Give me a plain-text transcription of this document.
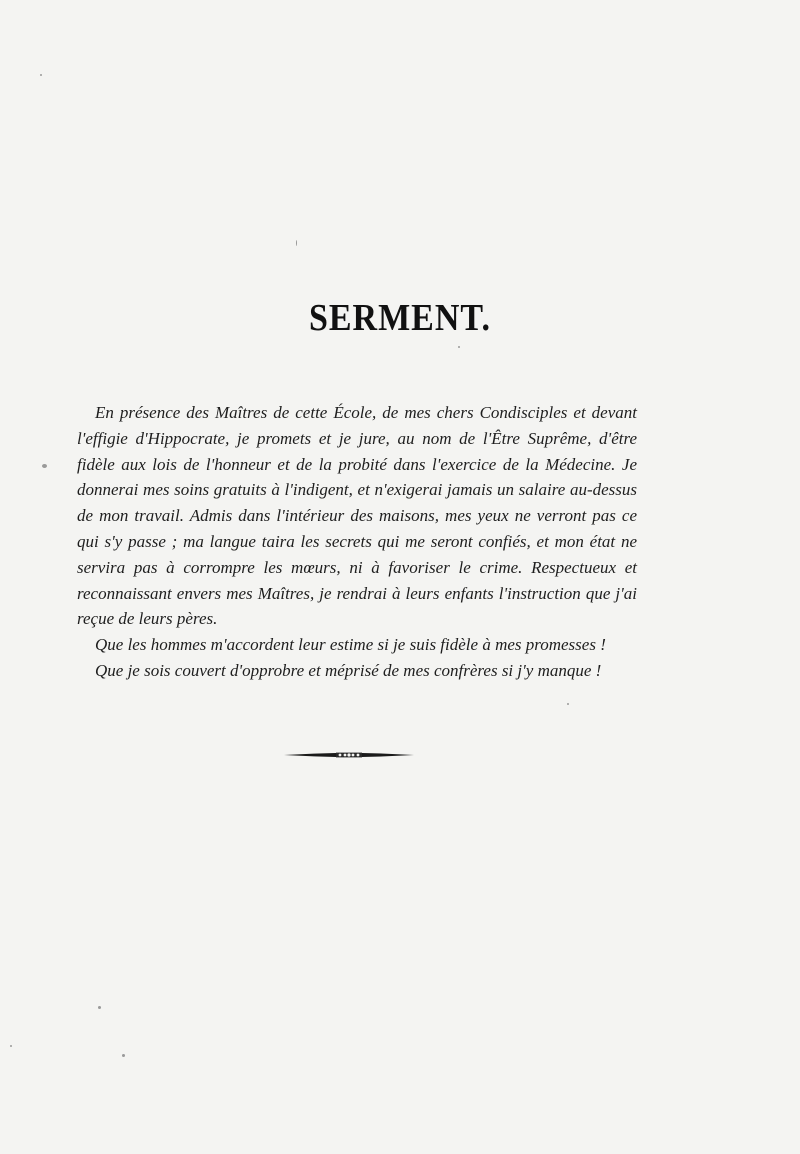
SERMENT.

En présence des Maîtres de cette École, de mes chers Condisciples et devant l'effigie d'Hippocrate, je promets et je jure, au nom de l'Être Suprême, d'être fidèle aux lois de l'honneur et de la probité dans l'exercice de la Médecine. Je donnerai mes soins gratuits à l'indigent, et n'exigerai jamais un salaire au-dessus de mon travail. Admis dans l'intérieur des maisons, mes yeux ne verront pas ce qui s'y passe ; ma langue taira les secrets qui me seront confiés, et mon état ne servira pas à corrompre les mœurs, ni à favoriser le crime. Respectueux et reconnaissant envers mes Maîtres, je rendrai à leurs enfants l'instruction que j'ai reçue de leurs pères.

Que les hommes m'accordent leur estime si je suis fidèle à mes promesses !

Que je sois couvert d'opprobre et méprisé de mes confrères si j'y manque !
